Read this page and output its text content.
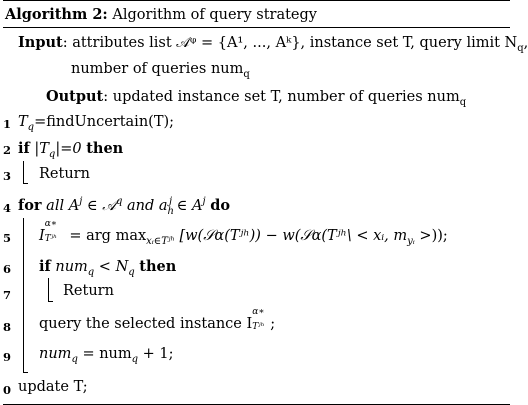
Algorithm 2: Algorithm of query strategy
Input: attributes list 𝒜ᵠ = {A¹, ..., Aᵏ}, instance set T, query limit $N_q$,
number of queries num$_q$
Output: updated instance set T, number of queries num$_q$
1 $T_q=findUncertain(T)$;
2 if $|T_q|=0$ then
3 Return
4 for all $A^j$ ∈ 𝒜$^q$ and $a_h^j$ ∈ $A^j$ do
5 I
α∗
Tʲʰ = arg $\max_{xᵢ\in Tʲʰ}$ [w(𝒮α(Tʲʰ)) − w(𝒮α(Tʲʰ\ < xᵢ, $m_{yᵢ}$ >));
6 if $num_q < N_q$ then
7	Return
8 query the selected instance I
α∗
Tʲʰ ;
9 num$_q$ = num$_q$ + 1;
0 update T;
